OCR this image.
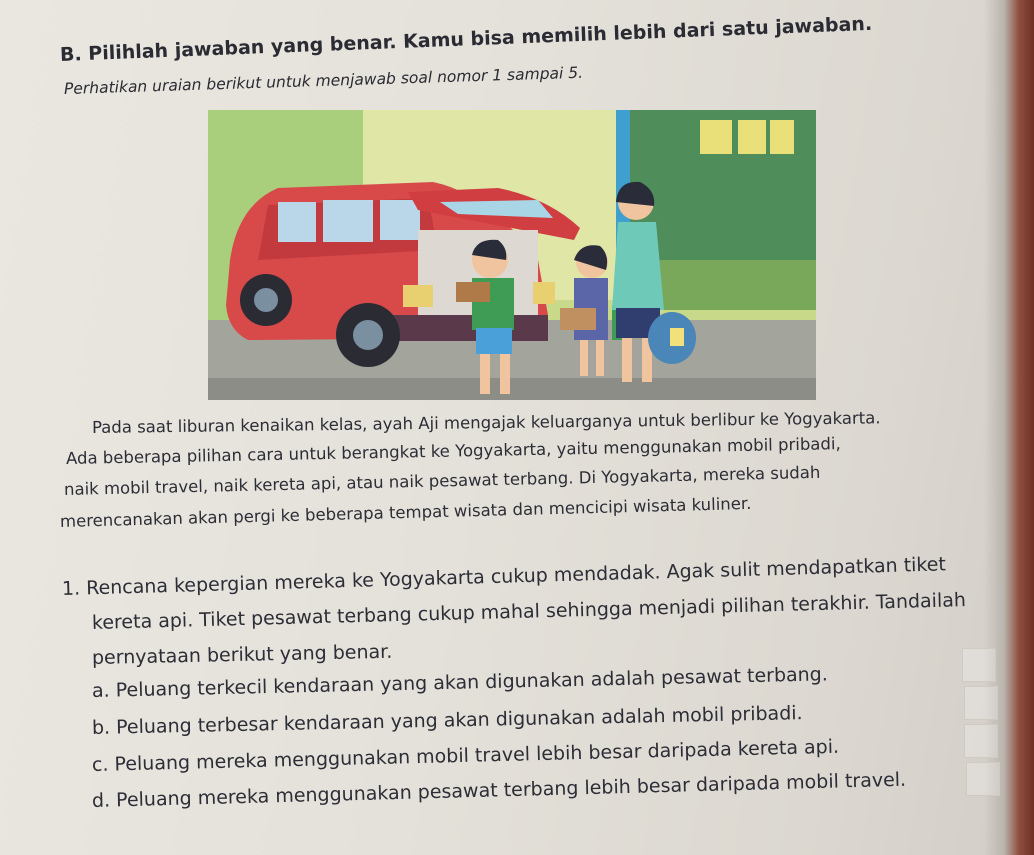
B. Pilihlah jawaban yang benar. Kamu bisa memilih lebih dari satu jawaban.
Perhatikan uraian berikut untuk menjawab soal nomor 1 sampai 5.
Pada saat liburan kenaikan kelas, ayah Aji mengajak keluarganya untuk berlibur ke Yogyakarta.
Ada beberapa pilihan cara untuk berangkat ke Yogyakarta, yaitu menggunakan mobil pribadi,
naik mobil travel, naik kereta api, atau naik pesawat terbang. Di Yogyakarta, mereka sudah
merencanakan akan pergi ke beberapa tempat wisata dan mencicipi wisata kuliner.
1. Rencana kepergian mereka ke Yogyakarta cukup mendadak. Agak sulit mendapatkan tiket
kereta api. Tiket pesawat terbang cukup mahal sehingga menjadi pilihan terakhir. Tandailah
pernyataan berikut yang benar.
a. Peluang terkecil kendaraan yang akan digunakan adalah pesawat terbang.
b. Peluang terbesar kendaraan yang akan digunakan adalah mobil pribadi.
c. Peluang mereka menggunakan mobil travel lebih besar daripada kereta api.
d. Peluang mereka menggunakan pesawat terbang lebih besar daripada mobil travel.
